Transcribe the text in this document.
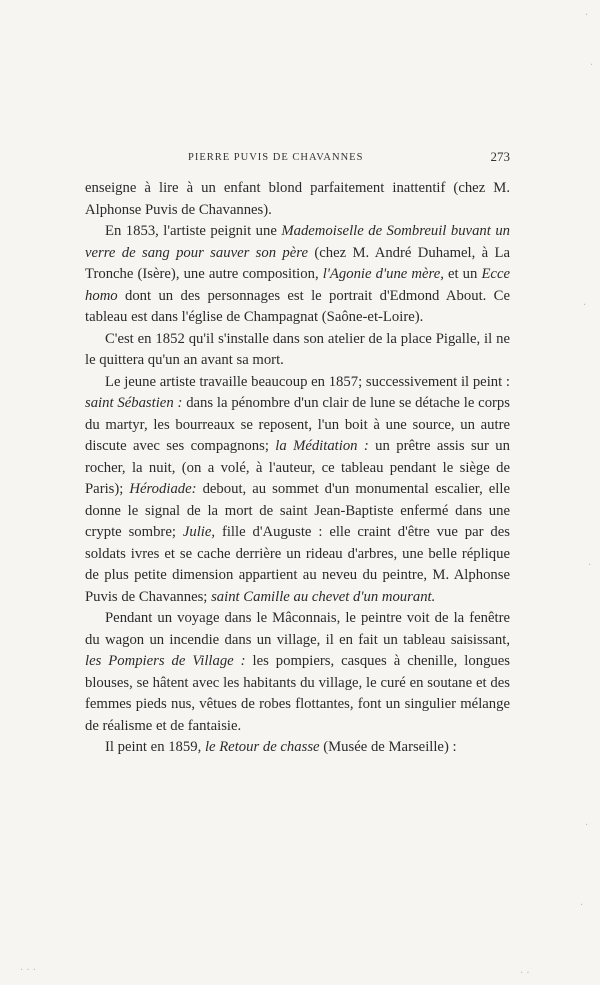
PIERRE PUVIS DE CHAVANNES	273

enseigne à lire à un enfant blond parfaitement inattentif (chez M. Alphonse Puvis de Chavannes).

En 1853, l'artiste peignit une Mademoiselle de Sombreuil buvant un verre de sang pour sauver son père (chez M. André Duhamel, à La Tronche (Isère), une autre composition, l'Agonie d'une mère, et un Ecce homo dont un des personnages est le portrait d'Edmond About. Ce tableau est dans l'église de Champagnat (Saône-et-Loire).

C'est en 1852 qu'il s'installe dans son atelier de la place Pigalle, il ne le quittera qu'un an avant sa mort.

Le jeune artiste travaille beaucoup en 1857; successivement il peint : saint Sébastien : dans la pénombre d'un clair de lune se détache le corps du martyr, les bourreaux se reposent, l'un boit à une source, un autre discute avec ses compagnons; la Méditation : un prêtre assis sur un rocher, la nuit, (on a volé, à l'auteur, ce tableau pendant le siège de Paris); Hérodiade: debout, au sommet d'un monumental escalier, elle donne le signal de la mort de saint Jean-Baptiste enfermé dans une crypte sombre; Julie, fille d'Auguste : elle craint d'être vue par des soldats ivres et se cache derrière un rideau d'arbres, une belle réplique de plus petite dimension appartient au neveu du peintre, M. Alphonse Puvis de Chavannes; saint Camille au chevet d'un mourant.

Pendant un voyage dans le Mâconnais, le peintre voit de la fenêtre du wagon un incendie dans un village, il en fait un tableau saisissant, les Pompiers de Village : les pompiers, casques à chenille, longues blouses, se hâtent avec les habitants du village, le curé en soutane et des femmes pieds nus, vêtues de robes flottantes, font un singulier mélange de réalisme et de fantaisie.

Il peint en 1859, le Retour de chasse (Musée de Marseille) :

·
·
·
·
·
·
· · ·	· ·
